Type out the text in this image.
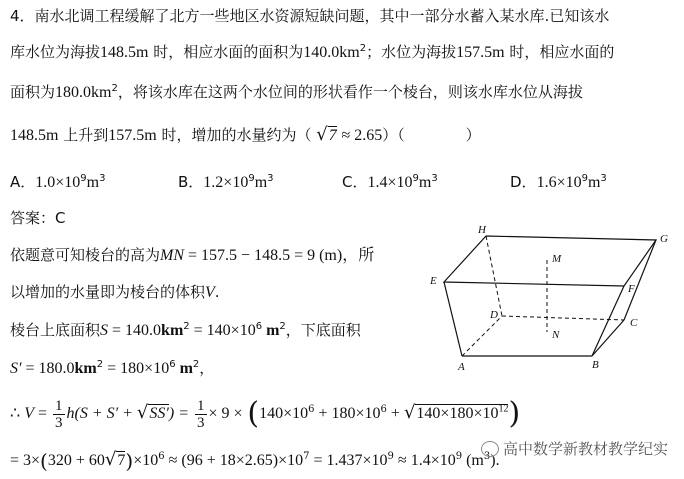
4．南水北调工程缓解了北方一些地区水资源短缺问题，其中一部分水蓄入某水库.已知该水
库水位为海拔148.5m 时，相应水面的面积为$140.0km^2$；水位为海拔157.5m 时，相应水面的
面积为$180.0km^2$，将该水库在这两个水位间的形状看作一个棱台，则该水库水位从海拔
148.5m 上升到157.5m 时，增加的水量约为（ √7 ≈ 2.65）（	）
A．$1.0\times 10^9m^3$	B．$1.2\times 10^9m^3$	C．$1.4\times 10^9m^3$	D．$1.6\times 10^9m^3$
答案：C
依题意可知棱台的高为MN = 157.5 − 148.5 = 9 (m)，所
以增加的水量即为棱台的体积V.
棱台上底面积$S = 140.0km^2 = 140\times 10^6$ $m^2$，下底面积
$S' = 180.0km^2 = 180\times 10^6$ $m^2$，
∴ $V = \frac{1}{3} h(S + S' + √SS') = \frac{1}{3} \times 9 \times (140\times 10^6 + 180\times 10^6 + √140\times 180\times 10^{12})$
= $3\times(320 + 60√7)\times 10^6 \approx (96 + 18\times 2.65)\times 10^7 = 1.437\times 10^9 \approx 1.4\times 10^9$ $(m^3)$.
H
G
M
E
F
D
C
N
A	B
高中数学新教材教学纪实
